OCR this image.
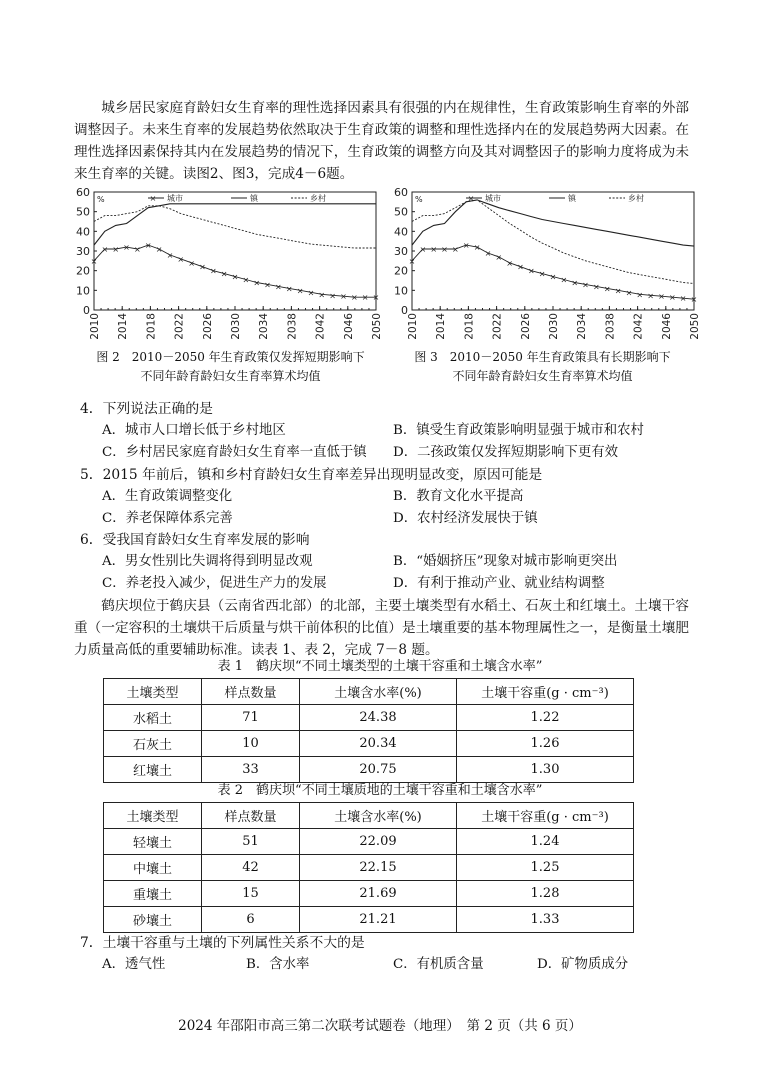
城乡居民家庭育龄妇女生育率的理性选择因素具有很强的内在规律性，生育政策影响生育率的外部调整因子。未来生育率的发展趋势依然取决于生育政策的调整和理性选择内在的发展趋势两大因素。在理性选择因素保持其内在发展趋势的情况下，生育政策的调整方向及其对调整因子的影响力度将成为未来生育率的关键。读图2、图3，完成4－6题。
0
10
20
30
40
50
60
%
2010 2014 2018 2022 2026 2030 2034 2038 2042 2046 2050
×
× × × × × ×
× × × × × × × × × × × × × × × × × × × ×
× 城市	镇	乡村
0
10
20
30
40
50
60
%
2010 2014 2018 2022 2026 2030 2034 2038 2042 2046 2050
×
× × × × × ×
× ×
× × × × × × × × × × × × × × × × × ×
× 城市	镇	乡村
图 2　2010－2050 年生育政策仅发挥短期影响下
不同年龄育龄妇女生育率算术均值
图 3　2010－2050 年生育政策具有长期影响下
不同年龄育龄妇女生育率算术均值
4．下列说法正确的是
A．城市人口增长低于乡村地区	B．镇受生育政策影响明显强于城市和农村
C．乡村居民家庭育龄妇女生育率一直低于镇 D．二孩政策仅发挥短期影响下更有效
5．2015 年前后，镇和乡村育龄妇女生育率差异出现明显改变，原因可能是
A．生育政策调整变化	B．教育文化水平提高
C．养老保障体系完善	D．农村经济发展快于镇
6．受我国育龄妇女生育率发展的影响
A．男女性别比失调将得到明显改观	B．“婚姻挤压”现象对城市影响更突出
C．养老投入减少，促进生产力的发展	D．有利于推动产业、就业结构调整
鹤庆坝位于鹤庆县（云南省西北部）的北部，主要土壤类型有水稻土、石灰土和红壤土。土壤干容重（一定容积的土壤烘干后质量与烘干前体积的比值）是土壤重要的基本物理属性之一，是衡量土壤肥力质量高低的重要辅助标准。读表 1、表 2，完成 7－8 题。
表 1　鹤庆坝“不同土壤类型的土壤干容重和土壤含水率”
土壤类型	样点数量	土壤含水率(%)	土壤干容重(g · cm⁻³)
水稻土	71	24.38	1.22
石灰土	10	20.34	1.26
红壤土	33	20.75	1.30
表 2　鹤庆坝“不同土壤质地的土壤干容重和土壤含水率”
土壤类型	样点数量	土壤含水率(%)	土壤干容重(g · cm⁻³)
轻壤土	51	22.09	1.24
中壤土	42	22.15	1.25
重壤土	15	21.69	1.28
砂壤土	6	21.21	1.33
7．土壤干容重与土壤的下列属性关系不大的是
A．透气性	B．含水率	C．有机质含量	D．矿物质成分
2024 年邵阳市高三第二次联考试题卷（地理）　第 2 页（共 6 页）
